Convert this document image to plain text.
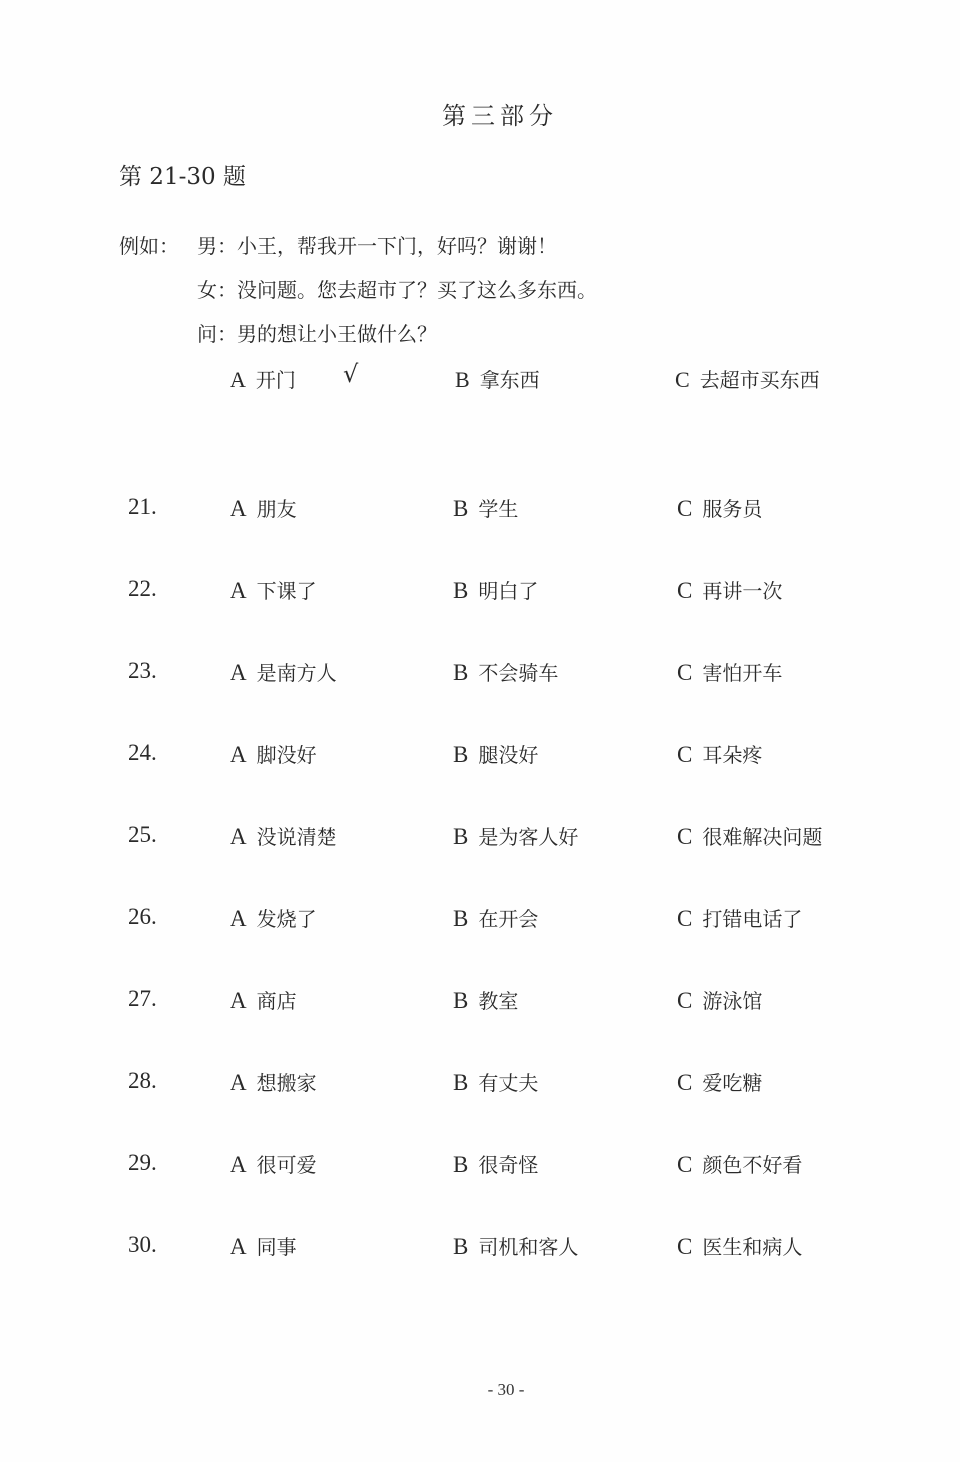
第三部分
第 21-30 题
例如： 男：小王，帮我开一下门，好吗？谢谢！
女：没问题。您去超市了？买了这么多东西。
问：男的想让小王做什么？
A 开门 √	B 拿东西	C 去超市买东西
21.	A 朋友	B 学生	C 服务员
22.	A 下课了	B 明白了	C 再讲一次
23.	A 是南方人	B 不会骑车	C 害怕开车
24.	A 脚没好	B 腿没好	C 耳朵疼
25.	A 没说清楚	B 是为客人好	C 很难解决问题
26.	A 发烧了	B 在开会	C 打错电话了
27.	A 商店	B 教室	C 游泳馆
28.	A 想搬家	B 有丈夫	C 爱吃糖
29.	A 很可爱	B 很奇怪	C 颜色不好看
30.	A 同事	B 司机和客人	C 医生和病人
- 30 -
